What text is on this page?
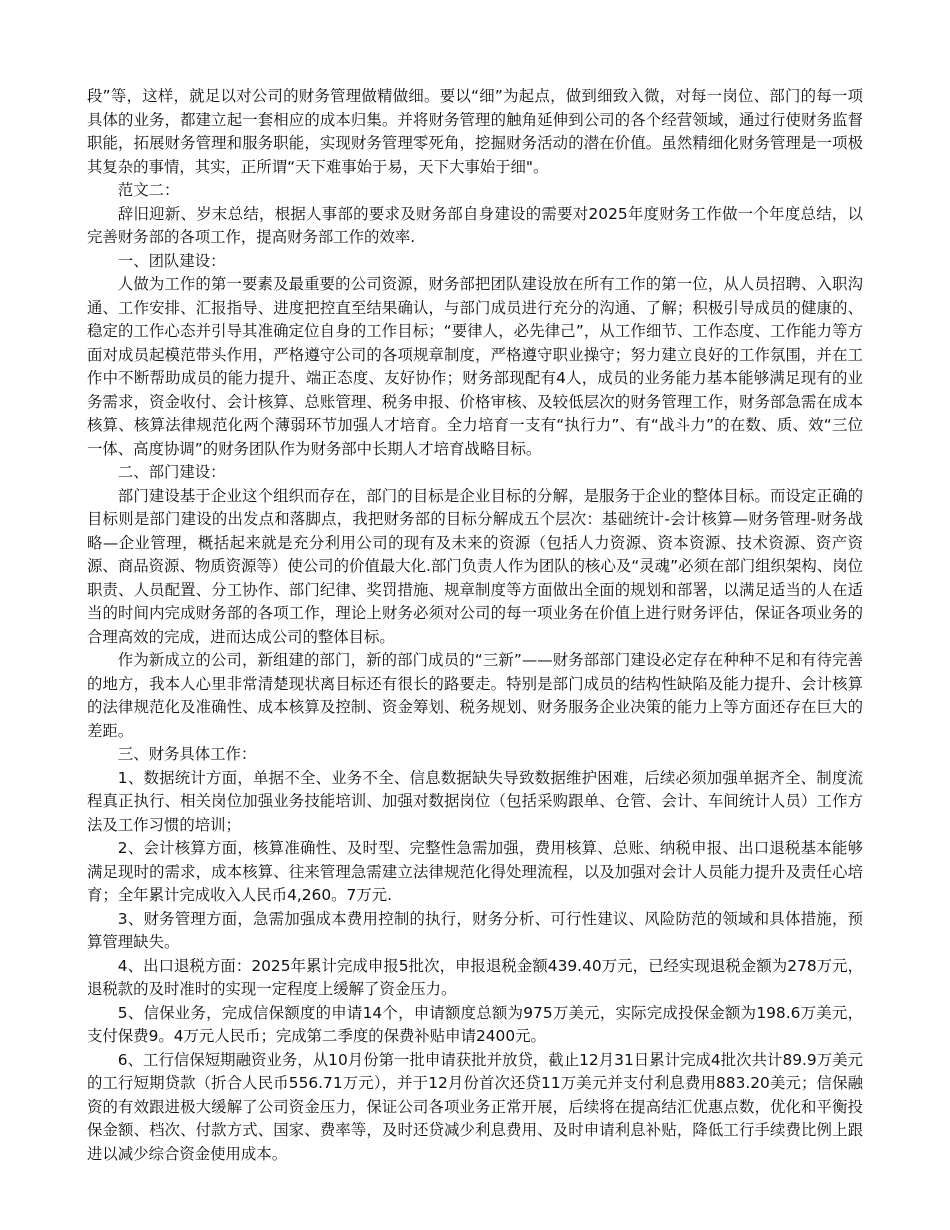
段”等，这样，就足以对公司的财务管理做精做细。要以“细”为起点，做到细致入微，对每一岗位、部门的每一项具体的业务，都建立起一套相应的成本归集。并将财务管理的触角延伸到公司的各个经营领域，通过行使财务监督职能，拓展财务管理和服务职能，实现财务管理零死角，挖掘财务活动的潜在价值。虽然精细化财务管理是一项极其复杂的事情，其实，正所谓“天下难事始于易，天下大事始于细"。

范文二：

辞旧迎新、岁末总结，根据人事部的要求及财务部自身建设的需要对2025年度财务工作做一个年度总结，以完善财务部的各项工作，提高财务部工作的效率.

一、团队建设：

人做为工作的第一要素及最重要的公司资源，财务部把团队建设放在所有工作的第一位，从人员招聘、入职沟通、工作安排、汇报指导、进度把控直至结果确认，与部门成员进行充分的沟通、了解；积极引导成员的健康的、稳定的工作心态并引导其准确定位自身的工作目标；“要律人，必先律己”，从工作细节、工作态度、工作能力等方面对成员起模范带头作用，严格遵守公司的各项规章制度，严格遵守职业操守；努力建立良好的工作氛围，并在工作中不断帮助成员的能力提升、端正态度、友好协作；财务部现配有4人，成员的业务能力基本能够满足现有的业务需求，资金收付、会计核算、总账管理、税务申报、价格审核、及较低层次的财务管理工作，财务部急需在成本核算、核算法律规范化两个薄弱环节加强人才培育。全力培育一支有“执行力”、有“战斗力”的在数、质、效“三位一体、高度协调”的财务团队作为财务部中长期人才培育战略目标。

二、部门建设：

部门建设基于企业这个组织而存在，部门的目标是企业目标的分解，是服务于企业的整体目标。而设定正确的目标则是部门建设的出发点和落脚点，我把财务部的目标分解成五个层次：基础统计-会计核算—财务管理-财务战略—企业管理，概括起来就是充分利用公司的现有及未来的资源（包括人力资源、资本资源、技术资源、资产资源、商品资源、物质资源等）使公司的价值最大化.部门负责人作为团队的核心及“灵魂”必须在部门组织架构、岗位职责、人员配置、分工协作、部门纪律、奖罚措施、规章制度等方面做出全面的规划和部署，以满足适当的人在适当的时间内完成财务部的各项工作，理论上财务必须对公司的每一项业务在价值上进行财务评估，保证各项业务的合理高效的完成，进而达成公司的整体目标。

作为新成立的公司，新组建的部门，新的部门成员的“三新”——财务部部门建设必定存在种种不足和有待完善的地方，我本人心里非常清楚现状离目标还有很长的路要走。特别是部门成员的结构性缺陷及能力提升、会计核算的法律规范化及准确性、成本核算及控制、资金筹划、税务规划、财务服务企业决策的能力上等方面还存在巨大的差距。

三、财务具体工作：

1、数据统计方面，单据不全、业务不全、信息数据缺失导致数据维护困难，后续必须加强单据齐全、制度流程真正执行、相关岗位加强业务技能培训、加强对数据岗位（包括采购跟单、仓管、会计、车间统计人员）工作方法及工作习惯的培训；

2、会计核算方面，核算准确性、及时型、完整性急需加强，费用核算、总账、纳税申报、出口退税基本能够满足现时的需求，成本核算、往来管理急需建立法律规范化得处理流程，以及加强对会计人员能力提升及责任心培育；全年累计完成收入人民币4,260。7万元.

3、财务管理方面，急需加强成本费用控制的执行，财务分析、可行性建议、风险防范的领域和具体措施，预算管理缺失。

4、出口退税方面：2025年累计完成申报5批次，申报退税金额439.40万元，已经实现退税金额为278万元，退税款的及时准时的实现一定程度上缓解了资金压力。

5、信保业务，完成信保额度的申请14个，申请额度总额为975万美元，实际完成投保金额为198.6万美元，支付保费9。4万元人民币；完成第二季度的保费补贴申请2400元。

6、工行信保短期融资业务，从10月份第一批申请获批并放贷，截止12月31日累计完成4批次共计89.9万美元的工行短期贷款（折合人民币556.71万元），并于12月份首次还贷11万美元并支付利息费用883.20美元；信保融资的有效跟进极大缓解了公司资金压力，保证公司各项业务正常开展，后续将在提高结汇优惠点数，优化和平衡投保金额、档次、付款方式、国家、费率等，及时还贷减少利息费用、及时申请利息补贴，降低工行手续费比例上跟进以减少综合资金使用成本。
